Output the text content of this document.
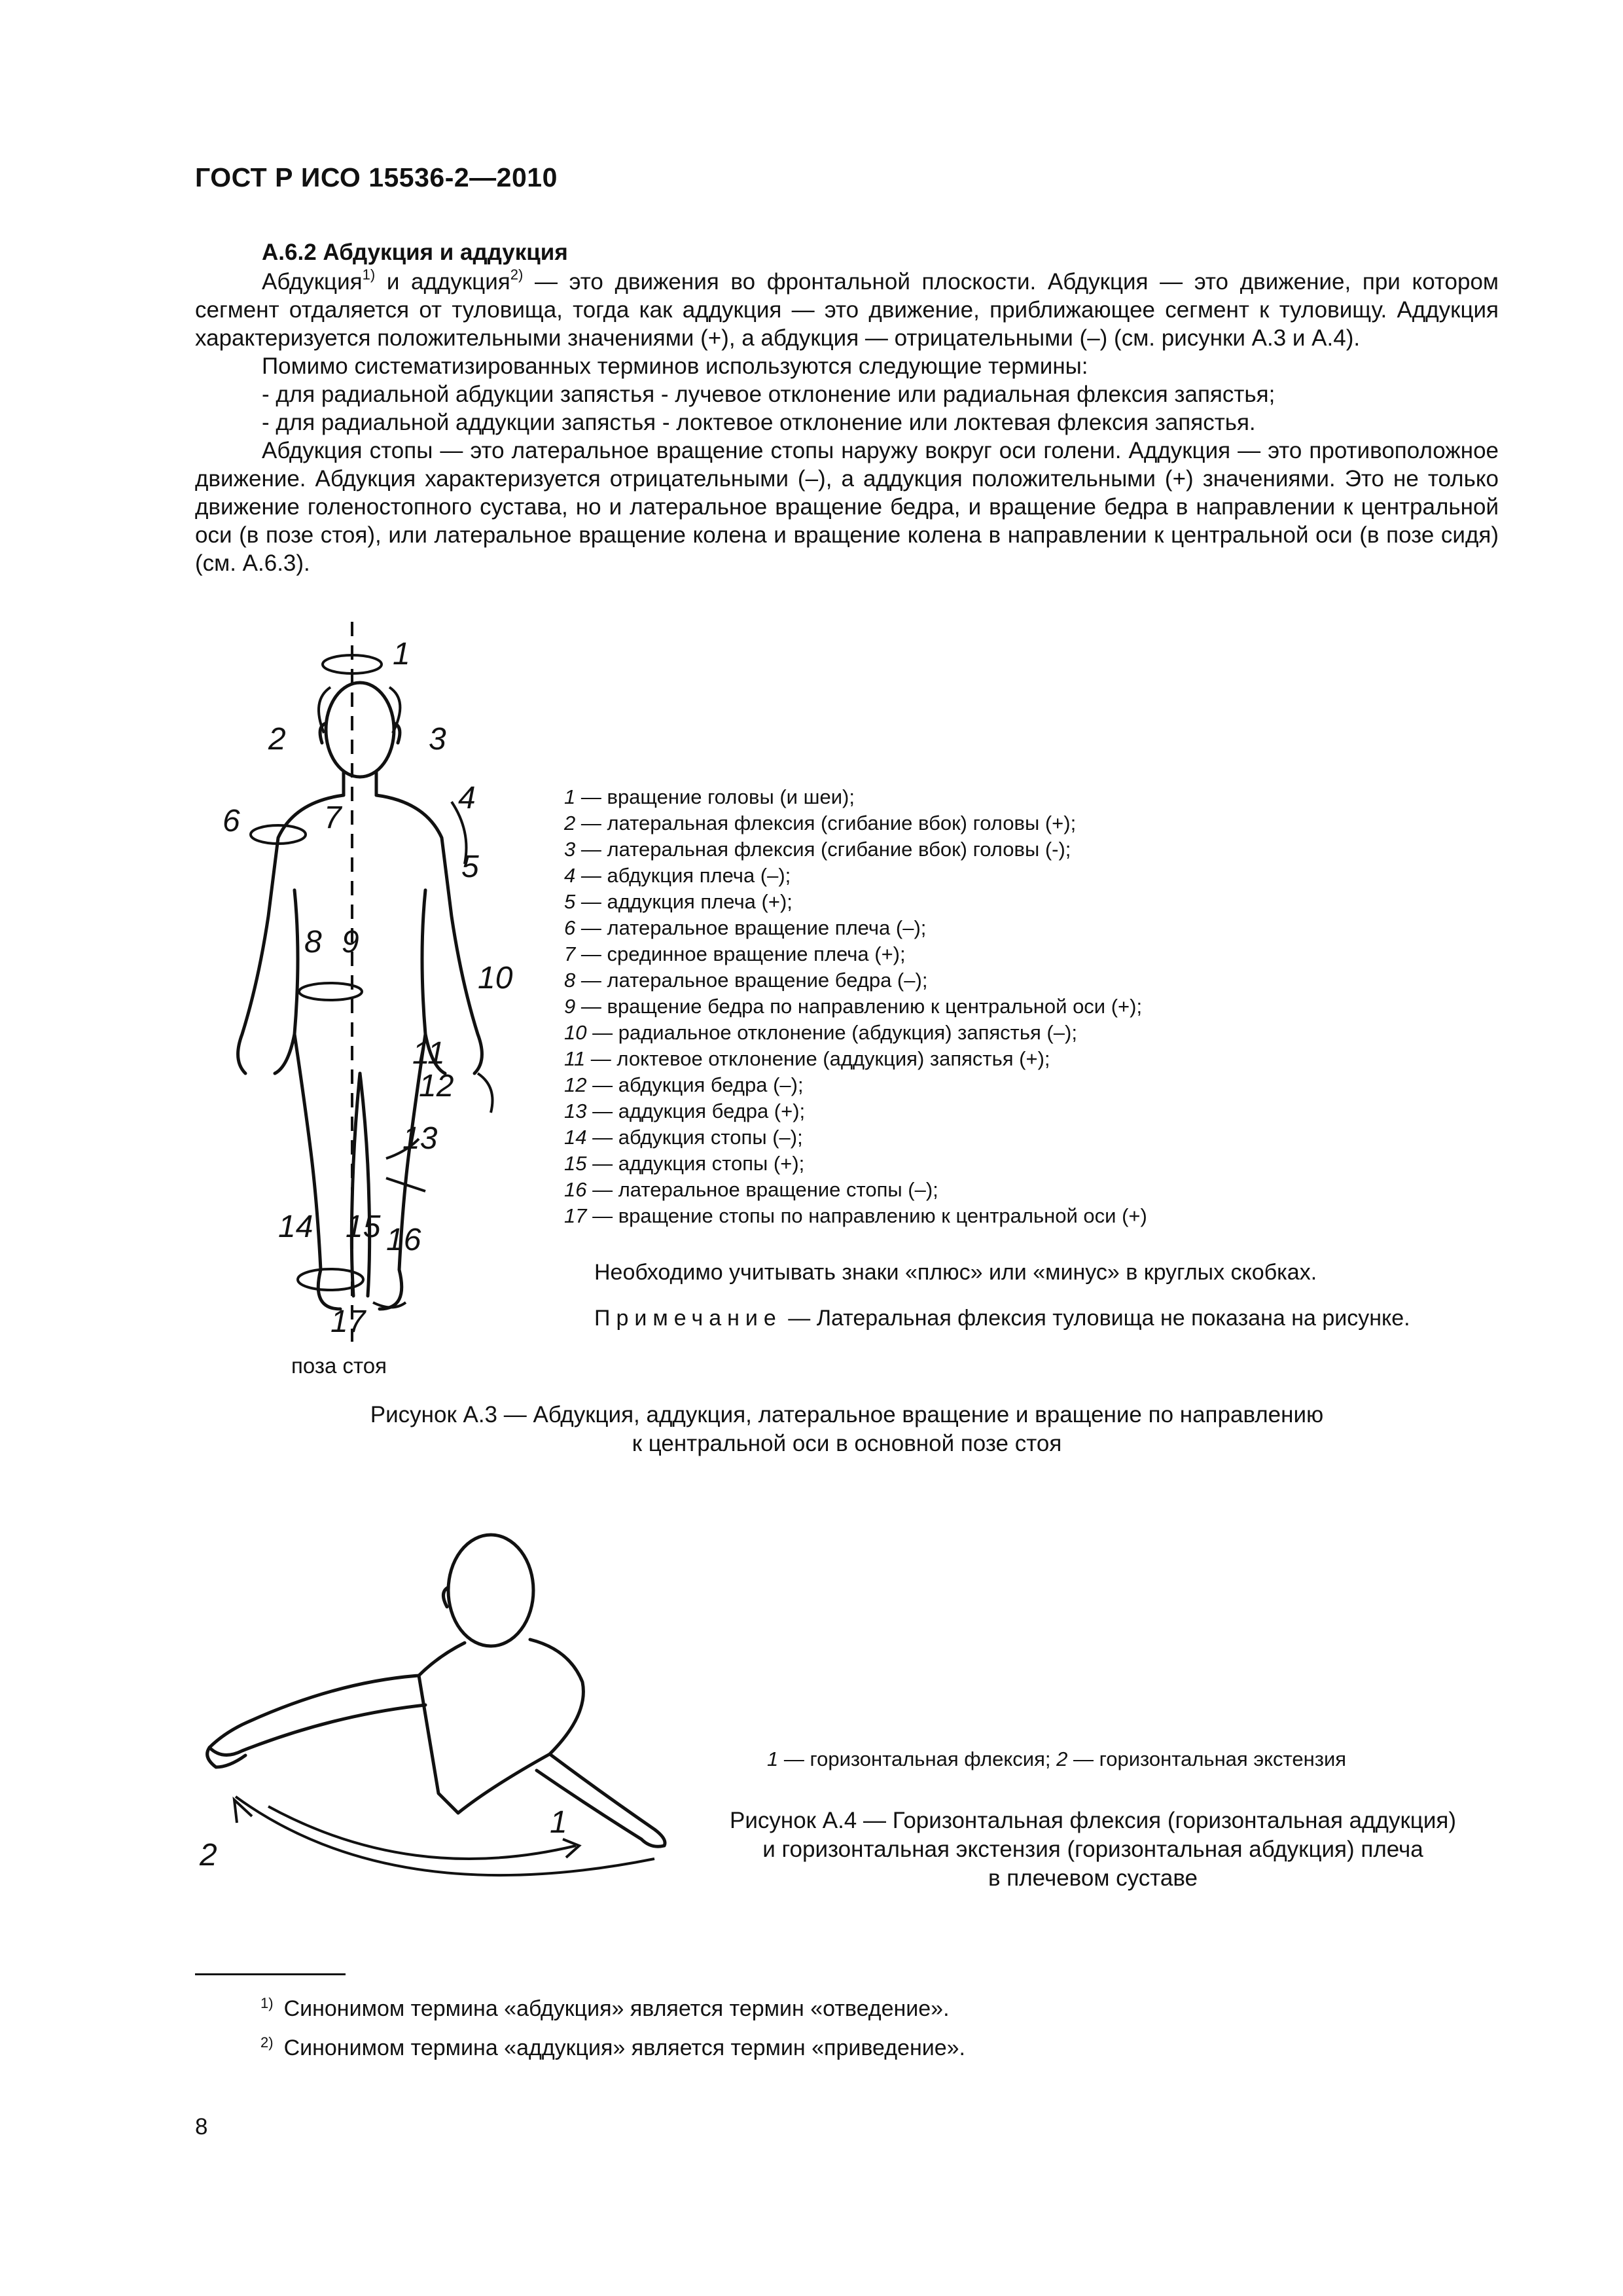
ГОСТ Р ИСО 15536-2—2010
А.6.2 Абдукция и аддукция

Абдукция$^{1)}$ и аддукция$^{2)}$ — это движения во фронтальной плоскости. Абдукция — это движение, при котором сегмент отдаляется от туловища, тогда как аддукция — это движение, приближающее сегмент к туловищу. Аддукция характеризуется положительными значениями (+), а абдукция — отрицательными (–) (см. рисунки А.3 и А.4).

Помимо систематизированных терминов используются следующие термины:

- для радиальной абдукции запястья - лучевое отклонение или радиальная флексия запястья;

- для радиальной аддукции запястья - локтевое отклонение или локтевая флексия запястья.

Абдукция стопы — это латеральное вращение стопы наружу вокруг оси голени. Аддукция — это противоположное движение. Абдукция характеризуется отрицательными (–), а аддукция положительными (+) значениями. Это не только движение голеностопного сустава, но и латеральное вращение бедра, и вращение бедра в направлении к центральной оси (в позе стоя), или латеральное вращение колена и вращение колена в направлении к центральной оси (в позе сидя) (см. А.6.3).

1
2	3
4
5
6	7
8 9
10
11
12
13
14 15 16
17
1 — вращение головы (и шеи);
2 — латеральная флексия (сгибание вбок) головы (+);
3 — латеральная флексия (сгибание вбок) головы (-);
4 — абдукция плеча (–);
5 — аддукция плеча (+);
6 — латеральное вращение плеча (–);
7 — срединное вращение плеча (+);
8 — латеральное вращение бедра (–);
9 — вращение бедра по направлению к центральной оси (+);
10 — радиальное отклонение (абдукция) запястья (–);
11 — локтевое отклонение (аддукция) запястья (+);
12 — абдукция бедра (–);
13 — аддукция бедра (+);
14 — абдукция стопы (–);
15 — аддукция стопы (+);
16 — латеральное вращение стопы (–);
17 — вращение стопы по направлению к центральной оси (+)
Необходимо учитывать знаки «плюс» или «минус» в круглых скобках.
Примечание — Латеральная флексия туловища не показана на рисунке.
поза стоя
Рисунок А.3 — Абдукция, аддукция, латеральное вращение и вращение по направлению
к центральной оси в основной позе стоя
1
2
1 — горизонтальная флексия; 2 — горизонтальная экстензия
Рисунок А.4 — Горизонтальная флексия (горизонтальная аддукция)
и горизонтальная экстензия (горизонтальная абдукция) плеча
в плечевом суставе
$^{1)}$ Синонимом термина «абдукция» является термин «отведение».
$^{2)}$ Синонимом термина «аддукция» является термин «приведение».
8
